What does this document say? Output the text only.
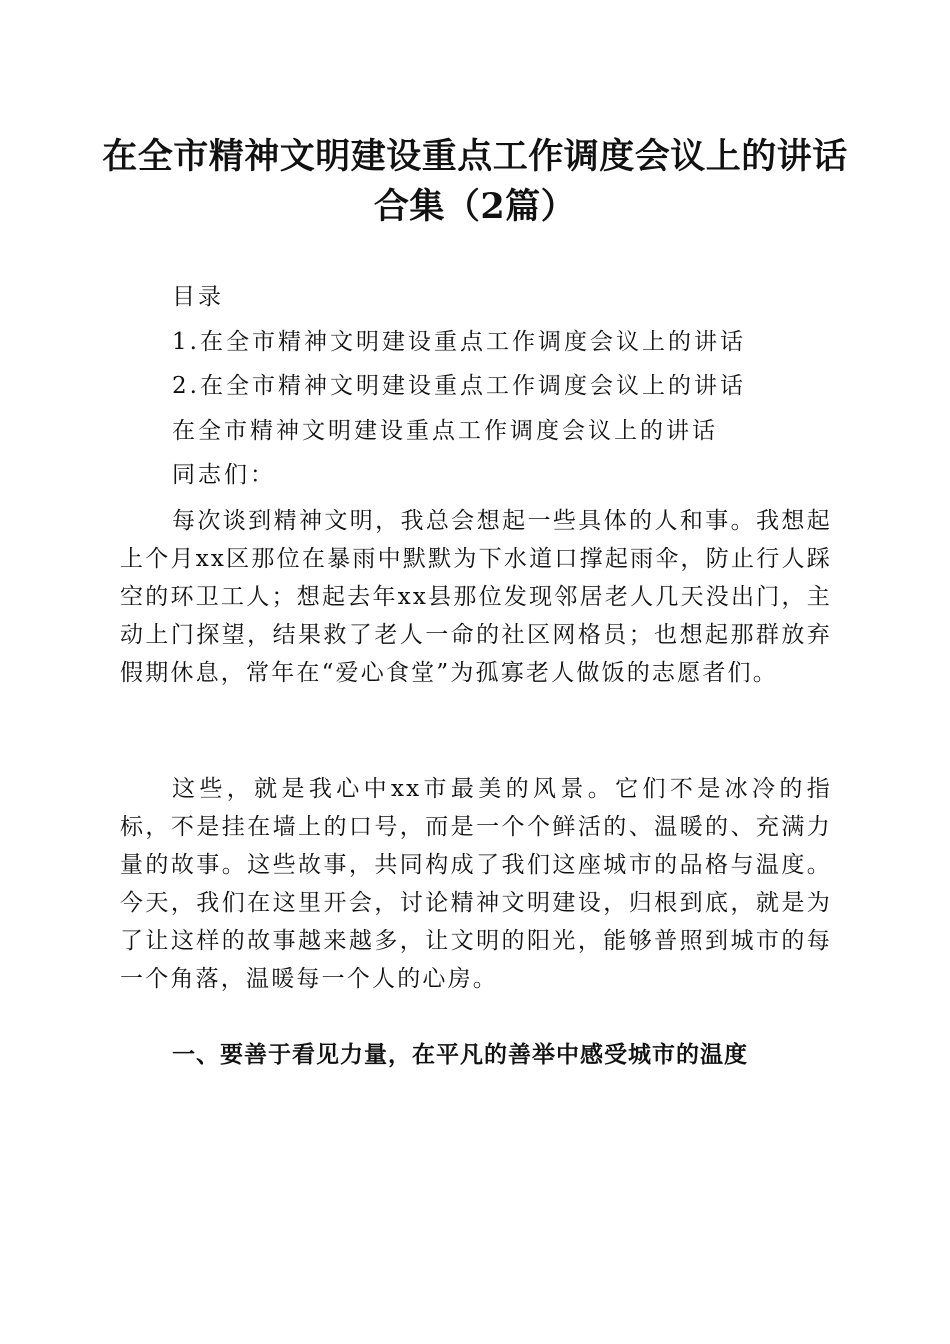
在全市精神文明建设重点工作调度会议上的讲话合集（2篇）
目录
1.在全市精神文明建设重点工作调度会议上的讲话
2.在全市精神文明建设重点工作调度会议上的讲话
在全市精神文明建设重点工作调度会议上的讲话
同志们：

每次谈到精神文明，我总会想起一些具体的人和事。我想起上个月xx区那位在暴雨中默默为下水道口撑起雨伞，防止行人踩空的环卫工人；想起去年xx县那位发现邻居老人几天没出门，主动上门探望，结果救了老人一命的社区网格员；也想起那群放弃假期休息，常年在“爱心食堂”为孤寡老人做饭的志愿者们。

这些，就是我心中xx市最美的风景。它们不是冰冷的指标，不是挂在墙上的口号，而是一个个鲜活的、温暖的、充满力量的故事。这些故事，共同构成了我们这座城市的品格与温度。今天，我们在这里开会，讨论精神文明建设，归根到底，就是为了让这样的故事越来越多，让文明的阳光，能够普照到城市的每一个角落，温暖每一个人的心房。

一、要善于看见力量，在平凡的善举中感受城市的温度
